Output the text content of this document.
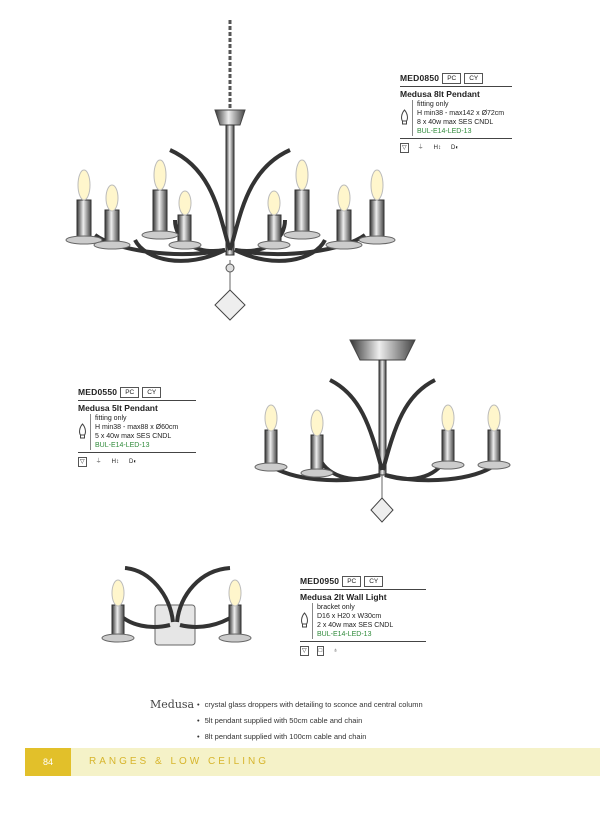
MED0850	PC	CY
Medusa 8lt Pendant
fitting only
H min38 - max142 x Ø72cm
8 x 40w max SES CNDL
BUL-E14-LED-13
▽	⏚ H↕ D◐
MED0550	PC	CY
Medusa 5lt Pendant
fitting only
H min38 - max88 x Ø60cm
5 x 40w max SES CNDL
BUL-E14-LED-13
▽	⏚ H↕ D◐
MED0950	PC	CY
Medusa 2lt Wall Light
bracket only
D16 x H20 x W30cm
2 x 40w max SES CNDL
BUL-E14-LED-13
▽	□	♁
Medusa
•	crystal glass droppers with detailing to sconce and central column
• 5lt pendant supplied with 50cm cable and chain
• 8lt pendant supplied with 100cm cable and chain
84	RANGES & LOW CEILING
